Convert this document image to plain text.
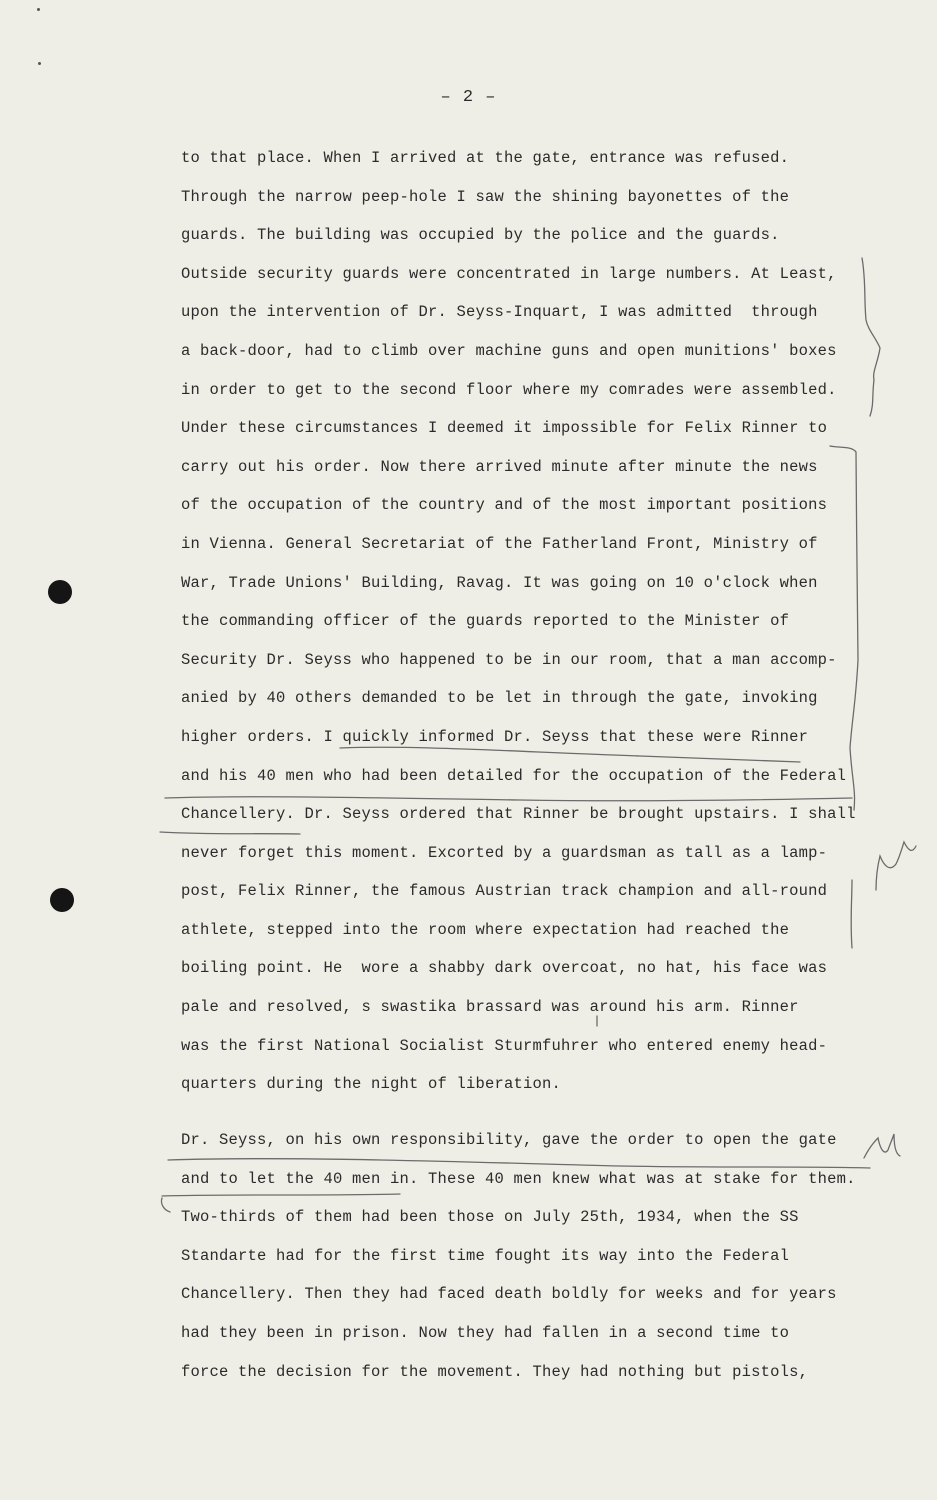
– 2 –
to that place. When I arrived at the gate, entrance was refused.
Through the narrow peep-hole I saw the shining bayonettes of the
guards. The building was occupied by the police and the guards.
Outside security guards were concentrated in large numbers. At Least,
upon the intervention of Dr. Seyss-Inquart, I was admitted  through
a back-door, had to climb over machine guns and open munitions' boxes
in order to get to the second floor where my comrades were assembled.
Under these circumstances I deemed it impossible for Felix Rinner to
carry out his order. Now there arrived minute after minute the news
of the occupation of the country and of the most important positions
in Vienna. General Secretariat of the Fatherland Front, Ministry of
War, Trade Unions' Building, Ravag. It was going on 10 o'clock when
the commanding officer of the guards reported to the Minister of
Security Dr. Seyss who happened to be in our room, that a man accomp-
anied by 40 others demanded to be let in through the gate, invoking
higher orders. I quickly informed Dr. Seyss that these were Rinner
and his 40 men who had been detailed for the occupation of the Federal
Chancellery. Dr. Seyss ordered that Rinner be brought upstairs. I shall
never forget this moment. Excorted by a guardsman as tall as a lamp-
post, Felix Rinner, the famous Austrian track champion and all-round
athlete, stepped into the room where expectation had reached the
boiling point. He  wore a shabby dark overcoat, no hat, his face was
pale and resolved, s swastika brassard was around his arm. Rinner
was the first National Socialist Sturmfuhrer who entered enemy head-
quarters during the night of liberation.
Dr. Seyss, on his own responsibility, gave the order to open the gate
and to let the 40 men in. These 40 men knew what was at stake for them.
Two-thirds of them had been those on July 25th, 1934, when the SS
Standarte had for the first time fought its way into the Federal
Chancellery. Then they had faced death boldly for weeks and for years
had they been in prison. Now they had fallen in a second time to
force the decision for the movement. They had nothing but pistols,
